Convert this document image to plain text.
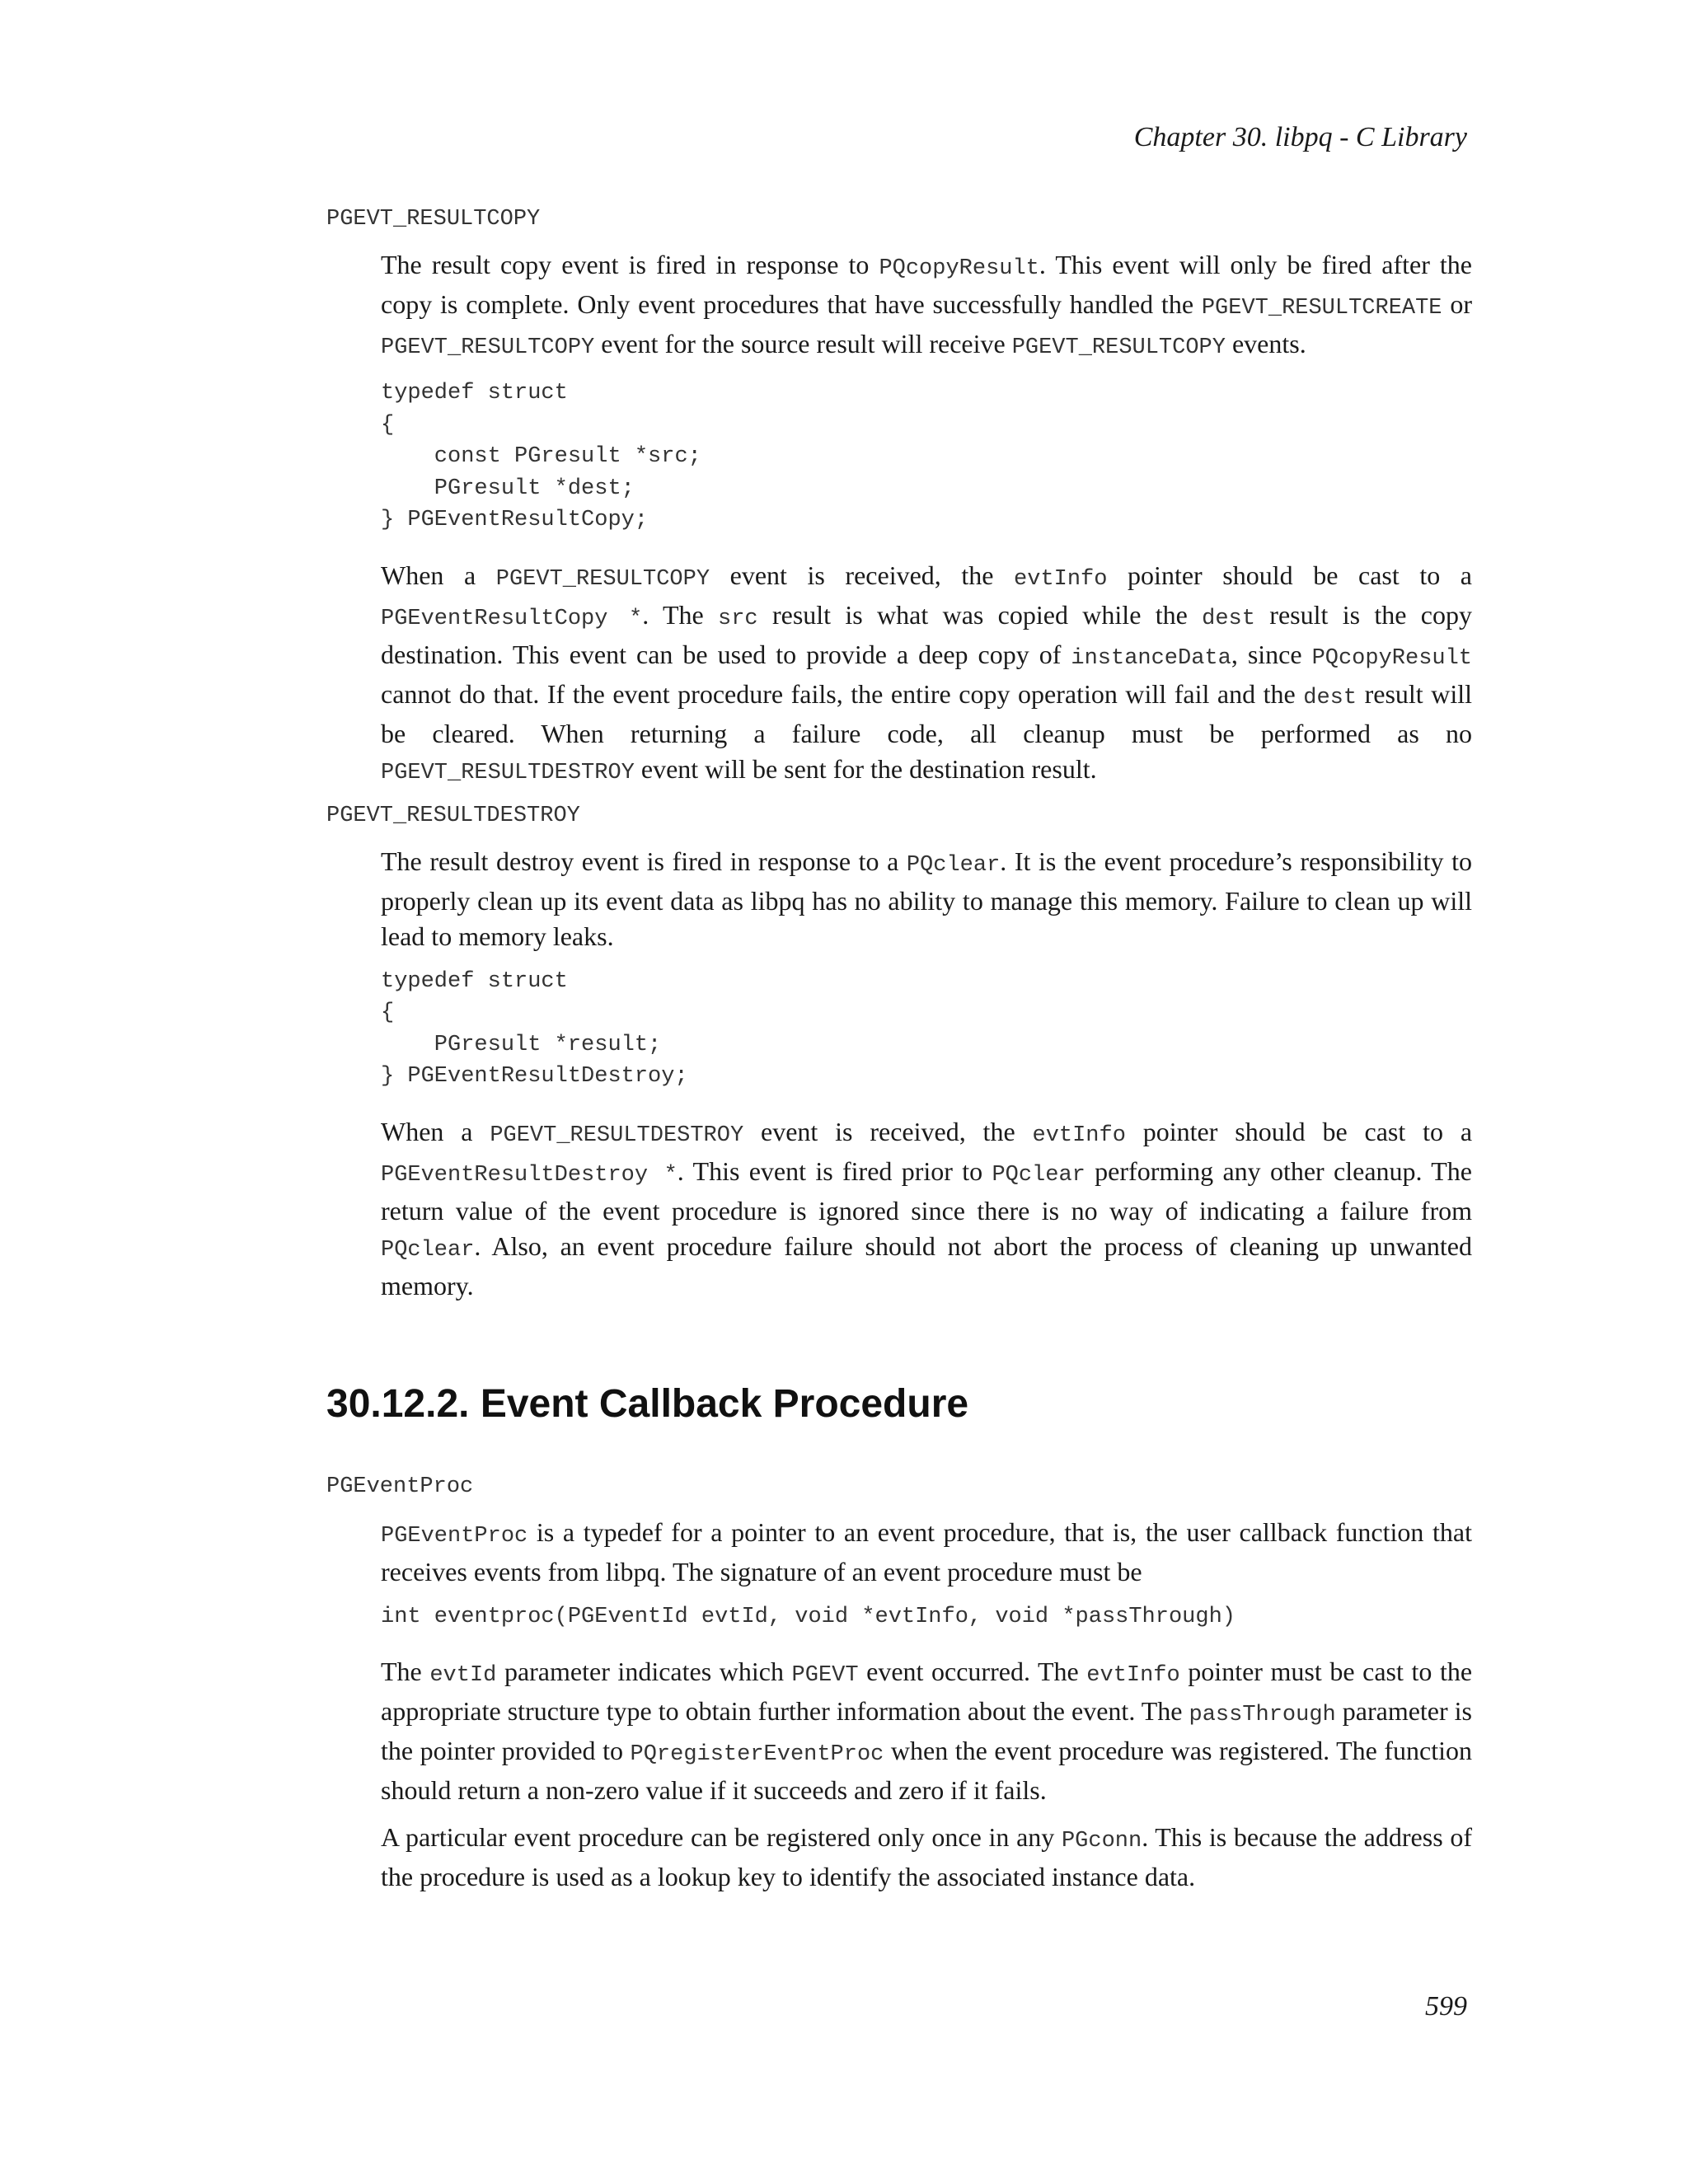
Chapter 30. libpq - C Library
PGEVT_RESULTCOPY

The result copy event is fired in response to PQcopyResult. This event will only be fired after the copy is complete. Only event procedures that have successfully handled the PGEVT_RESULTCREATE or PGEVT_RESULTCOPY event for the source result will receive PGEVT_RESULTCOPY events.

typedef struct
{
const PGresult *src;
PGresult *dest;
} PGEventResultCopy;

When a PGEVT_RESULTCOPY event is received, the evtInfo pointer should be cast to a PGEventResultCopy *. The src result is what was copied while the dest result is the copy destination. This event can be used to provide a deep copy of instanceData, since PQcopyResult cannot do that. If the event procedure fails, the entire copy operation will fail and the dest result will be cleared. When returning a failure code, all cleanup must be performed as no PGEVT_RESULTDESTROY event will be sent for the destination result.

PGEVT_RESULTDESTROY

The result destroy event is fired in response to a PQclear. It is the event procedure’s responsibility to properly clean up its event data as libpq has no ability to manage this memory. Failure to clean up will lead to memory leaks.

typedef struct
{
PGresult *result;
} PGEventResultDestroy;

When a PGEVT_RESULTDESTROY event is received, the evtInfo pointer should be cast to a PGEventResultDestroy *. This event is fired prior to PQclear performing any other cleanup. The return value of the event procedure is ignored since there is no way of indicating a failure from PQclear. Also, an event procedure failure should not abort the process of cleaning up unwanted memory.

30.12.2. Event Callback Procedure
PGEventProc

PGEventProc is a typedef for a pointer to an event procedure, that is, the user callback function that receives events from libpq. The signature of an event procedure must be

int eventproc(PGEventId evtId, void *evtInfo, void *passThrough)

The evtId parameter indicates which PGEVT event occurred. The evtInfo pointer must be cast to the appropriate structure type to obtain further information about the event. The passThrough parameter is the pointer provided to PQregisterEventProc when the event procedure was registered. The function should return a non-zero value if it succeeds and zero if it fails.

A particular event procedure can be registered only once in any PGconn. This is because the address of the procedure is used as a lookup key to identify the associated instance data.

599
